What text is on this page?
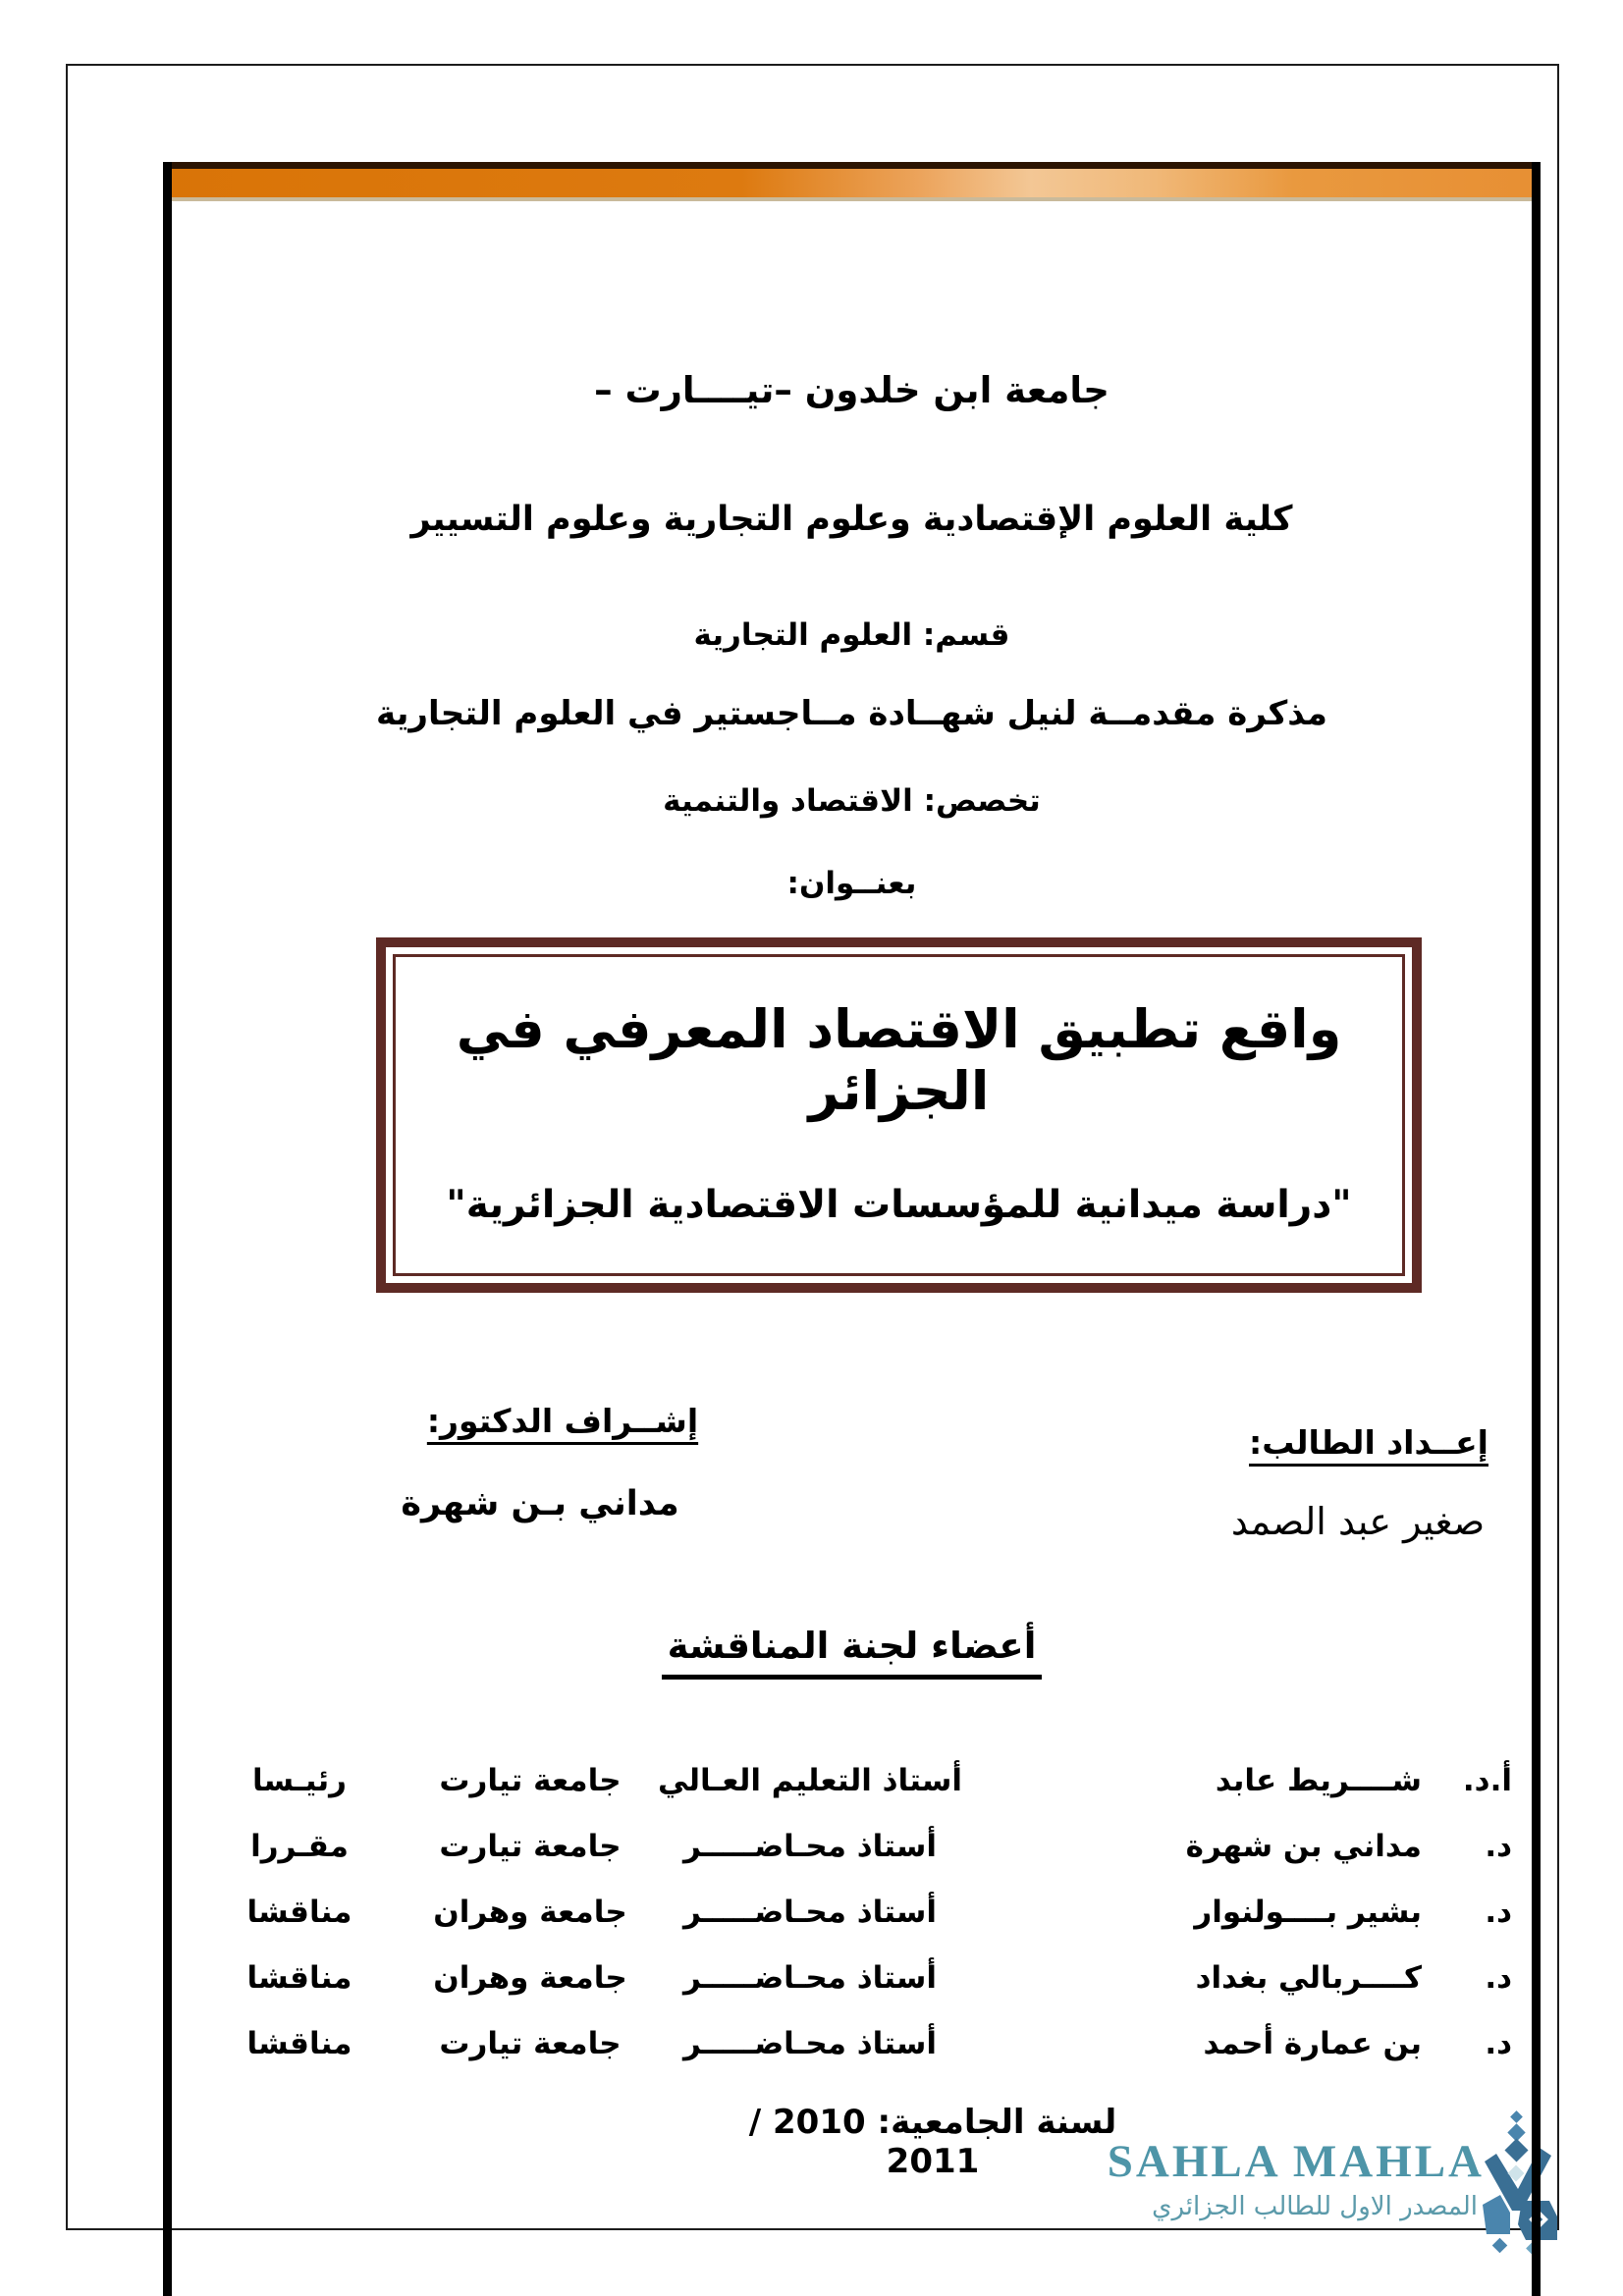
جامعة ابن خلدون –تيــــارت –
كلية العلوم الإقتصادية وعلوم التجارية وعلوم التسيير
قسم: العلوم التجارية
مذكرة مقدمــة لنيل شهــادة مــاجستير في العلوم التجارية
تخصص: الاقتصاد والتنمية
بعنــوان:
واقع تطبيق الاقتصاد المعرفي في الجزائر
"دراسة ميدانية للمؤسسات الاقتصادية الجزائرية"
إعــداد الطالب:
صغير عبد الصمد
إشــراف الدكتور:
مداني بـن شهرة
أعضاء لجنة المناقشة
أ.د.
شــــريط عابد
أستاذ التعليم العـالي
جامعة تيارت
رئيـسا
د.
مداني بن شهرة
أستاذ محـاضـــــر
جامعة تيارت
مقـررا
د.
بشير بــــولنوار
أستاذ محـاضـــــر
جامعة وهران
مناقشا
د.
كــــربالي بغداد
أستاذ محـاضـــــر
جامعة وهران
مناقشا
د.
بن عمارة أحمد
أستاذ محـاضـــــر
جامعة تيارت
مناقشا
لسنة الجامعية: 2010 / 2011	SAHLA MAHLA
المصدر الاول للطالب الجزائري
